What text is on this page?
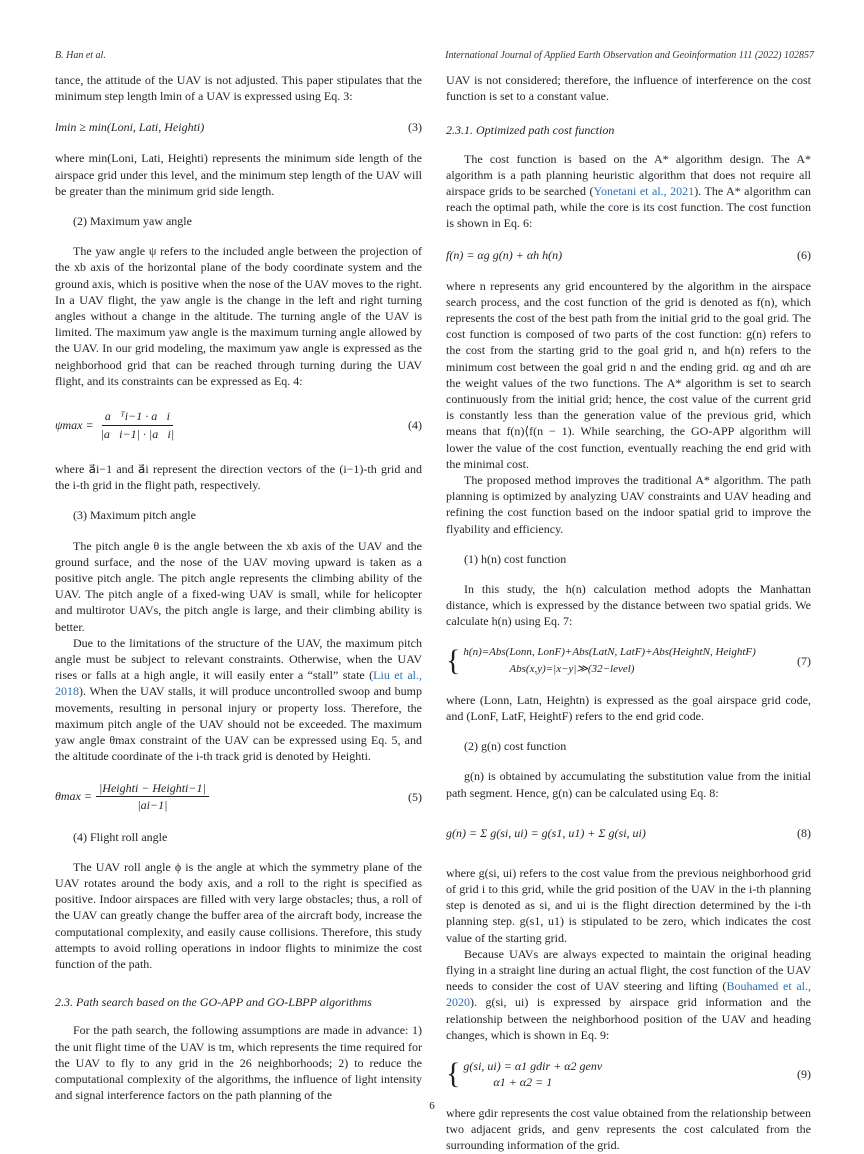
B. Han et al.	International Journal of Applied Earth Observation and Geoinformation 111 (2022) 102857

tance, the attitude of the UAV is not adjusted. This paper stipulates that the minimum step length lmin of a UAV is expressed using Eq. 3:

lmin ≥ min(Loni, Lati, Heighti)	(3)

where min(Loni, Lati, Heighti) represents the minimum side length of the airspace grid under this level, and the minimum step length of the UAV will be greater than the minimum grid side length.

(2) Maximum yaw angle

The yaw angle ψ refers to the included angle between the projection of the xb axis of the horizontal plane of the body coordinate system and the ground axis, which is positive when the nose of the UAV moves to the right. In a UAV flight, the yaw angle is the change in the left and right turning angles without a change in the altitude. The turning angle of the UAV is limited. The maximum yaw angle is the maximum turning angle allowed by the UAV. In our grid modeling, the maximum yaw angle is expressed as the neighborhood grid that can be reached through turning during the UAV flight, and its constraints can be expressed as Eq. 4:

$\psi\max = \frac{\text{a⃗ᵀi−1 · a⃗i}}{|a⃗i-1| \cdot |a⃗i|}$	(4)

where a⃗i−1 and a⃗i represent the direction vectors of the (i−1)-th grid and the i-th grid in the flight path, respectively.

(3) Maximum pitch angle

The pitch angle θ is the angle between the xb axis of the UAV and the ground surface, and the nose of the UAV moving upward is taken as a positive pitch angle. The pitch angle represents the climbing ability of the UAV. The pitch angle of a fixed-wing UAV is small, while for helicopter and multirotor UAVs, the pitch angle is large, and their climbing ability is better.

Due to the limitations of the structure of the UAV, the maximum pitch angle must be subject to relevant constraints. Otherwise, when the UAV rises or falls at a high angle, it will easily enter a “stall” state (Liu et al., 2018). When the UAV stalls, it will produce uncontrolled swoop and bump movements, resulting in personal injury or property loss. Therefore, the maximum pitch angle of the UAV should not be exceeded. The maximum yaw angle θmax constraint of the UAV can be expressed using Eq. 5, and the altitude coordinate of the i-th track grid is denoted by Heighti.

$\theta\max = \frac{\text{|Heighti − Heighti−1|}}{|ai-1|}$	(5)
(4) Flight roll angle

The UAV roll angle ϕ is the angle at which the symmetry plane of the UAV rotates around the body axis, and a roll to the right is specified as positive. Indoor airspaces are filled with very large obstacles; thus, a roll of the UAV can greatly change the buffer area of the aircraft body, increase the computational complexity, and easily cause collisions. Therefore, this study attempts to avoid rolling operations in indoor flights to minimize the cost function of the path.

2.3. Path search based on the GO-APP and GO-LBPP algorithms

For the path search, the following assumptions are made in advance: 1) the unit flight time of the UAV is tm, which represents the time required for the UAV to fly to any grid in the 26 neighborhoods; 2) to reduce the computational complexity of the algorithms, the influence of light intensity and signal interference factors on the path planning of the

UAV is not considered; therefore, the influence of interference on the cost function is set to a constant value.

2.3.1. Optimized path cost function

The cost function is based on the A* algorithm design. The A* algorithm is a path planning heuristic algorithm that does not require all airspace grids to be searched (Yonetani et al., 2021). The A* algorithm can reach the optimal path, while the core is its cost function. The cost function is shown in Eq. 6:

f(n) = αg g(n) + αh h(n)	(6)

where n represents any grid encountered by the algorithm in the airspace search process, and the cost function of the grid is denoted as f(n), which represents the cost of the best path from the initial grid to the goal grid. The cost function is composed of two parts of the cost function: g(n) refers to the cost from the starting grid to the goal grid n, and h(n) refers to the minimum cost between the goal grid n and the ending grid. αg and αh are the weight values of the two functions. The A* algorithm is set to search continuously from the initial grid; hence, the cost value of the current grid is constantly less than the generation value of the previous grid, which means that f(n)⟨f(n − 1). While searching, the GO-APP algorithm will lower the value of the cost function, eventually reaching the end grid with the minimal cost.

The proposed method improves the traditional A* algorithm. The path planning is optimized by analyzing UAV constraints and UAV heading and refining the cost function based on the indoor spatial grid to improve the flyability and efficiency.

(1) h(n) cost function

In this study, the h(n) calculation method adopts the Manhattan distance, which is expressed by the distance between two spatial grids. We calculate h(n) using Eq. 7:

{ h(n)=Abs(Lonn, LonF)+Abs(LatN, LatF)+Abs(HeightN, HeightF)
Abs(x,y)=|x−y|≫(32−level)
(7)

where (Lonn, Latn, Heightn) is expressed as the goal airspace grid code, and (LonF, LatF, HeightF) refers to the end grid code.

(2) g(n) cost function

g(n) is obtained by accumulating the substitution value from the initial path segment. Hence, g(n) can be calculated using Eq. 8:

g(n) = Σ g(si, ui) = g(s1, u1) + Σ g(si, ui)	(8)

where g(si, ui) refers to the cost value from the previous neighborhood grid of grid i to this grid, while the grid position of the UAV in the i-th planning step is denoted as si, and ui is the flight direction determined by the i-th planning step. g(s1, u1) is stipulated to be zero, which indicates the cost value of the starting grid.

Because UAVs are always expected to maintain the original heading flying in a straight line during an actual flight, the cost function of the UAV needs to consider the cost of UAV steering and lifting (Bouhamed et al., 2020). g(si, ui) is expressed by airspace grid information and the relationship between the neighborhood position of the UAV and heading changes, which is shown in Eq. 9:

{ g(si, ui) = α1 gdir + α2 genv
α1 + α2 = 1
(9)

where gdir represents the cost value obtained from the relationship between two adjacent grids, and genv represents the cost calculated from the surrounding information of the grid.

6
